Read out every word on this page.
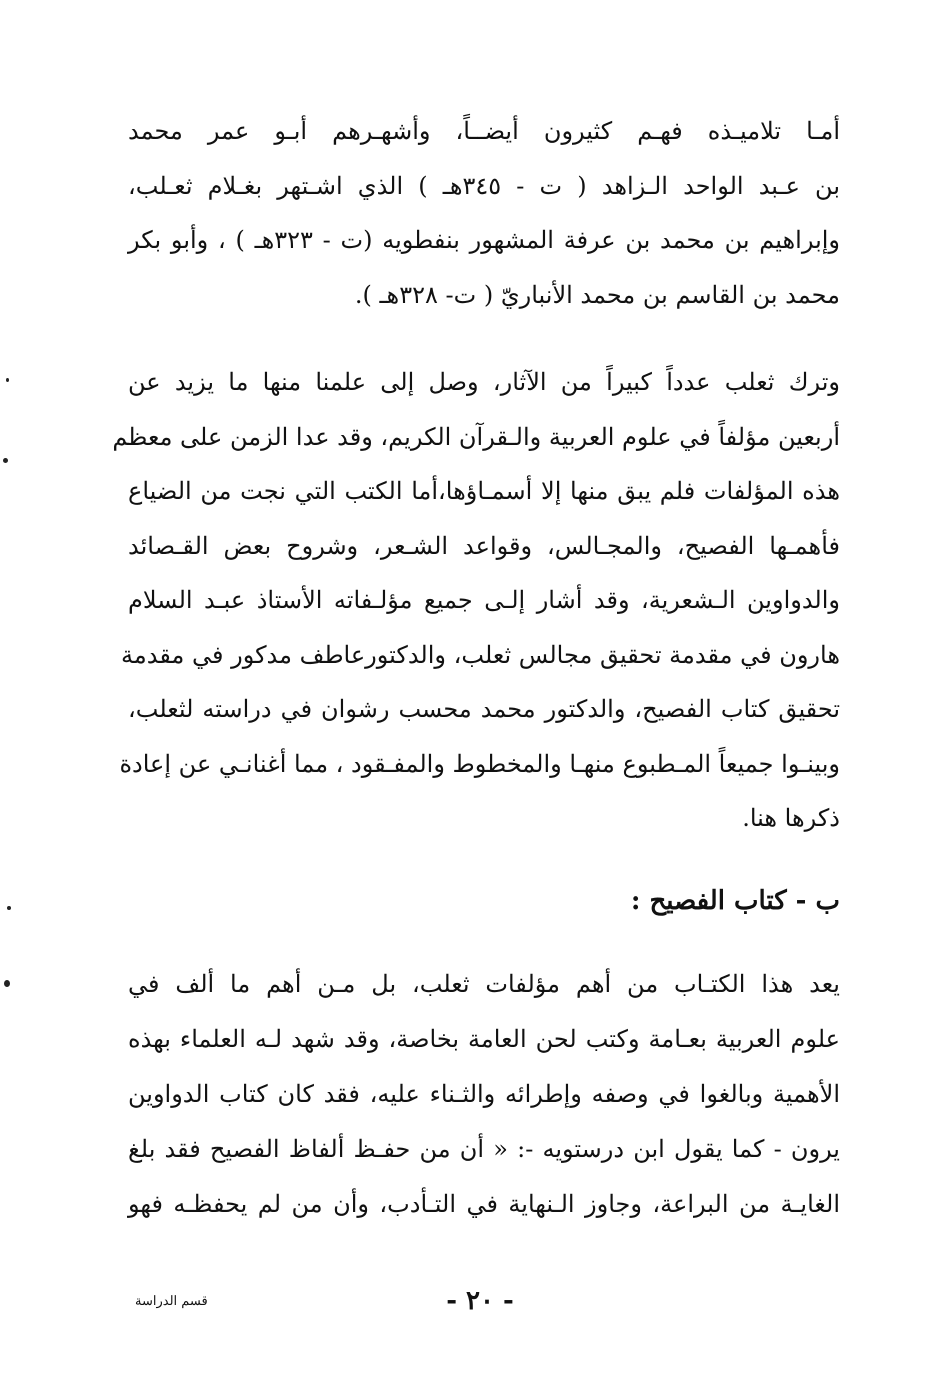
أمـا تلاميـذه فهـم كثيرون أيضــاً، وأشهـرهم أبـو عمر محمد
بن عـبد الواحد الـزاهد ( ت - ٣٤٥هـ ) الذي اشـتهر بغـلام ثعـلب،
وإبراهيم بن محمد بن عرفة المشهور بنفطويه (ت - ٣٢٣هـ ) ، وأبو بكر
محمد بن القاسم بن محمد الأنباريّ ( ت- ٣٢٨هـ ).
وترك ثعلب عدداً كبيراً من الآثار، وصل إلى علمنا منها ما يزيد عن
أربعين مؤلفاً في علوم العربية والـقرآن الكريم، وقد عدا الزمن على معظم
هذه المؤلفات فلم يبق منها إلا أسمـاؤها،أما الكتب التي نجت من الضياع
فأهمـها الفصيح، والمجـالس، وقواعد الشـعر، وشروح بعض القـصائد
والدواوين الـشعرية، وقد أشار إلـى جميع مؤلـفاته الأستاذ عبـد السلام
هارون في مقدمة تحقيق مجالس ثعلب، والدكتورعاطف مدكور في مقدمة
تحقيق كتاب الفصيح، والدكتور محمد محسب رشوان في دراسته لثعلب،
وبينـوا جميعاً المـطبوع منهـا والمخطوط والمفـقود ، مما أغنانـي عن إعادة
ذكرها هنا.
ب - كتاب الفصيح :
يعد هذا الكتـاب من أهم مؤلفات ثعلب، بل مـن أهم ما ألف في
علوم العربية بعـامة وكتب لحن العامة بخاصة، وقد شهد لـه العلماء بهذه
الأهمية وبالغوا في وصفه وإطرائه والثـناء عليه، فقد كان كتاب الدواوين
يرون - كما يقول ابن درستويه -: « أن من حفـظ ألفاظ الفصيح فقد بلغ
الغايـة من البراعة، وجاوز الـنهاية في التـأدب، وأن من لم يحفظـه فهو
- ٢٠ -
قسم الدراسة
